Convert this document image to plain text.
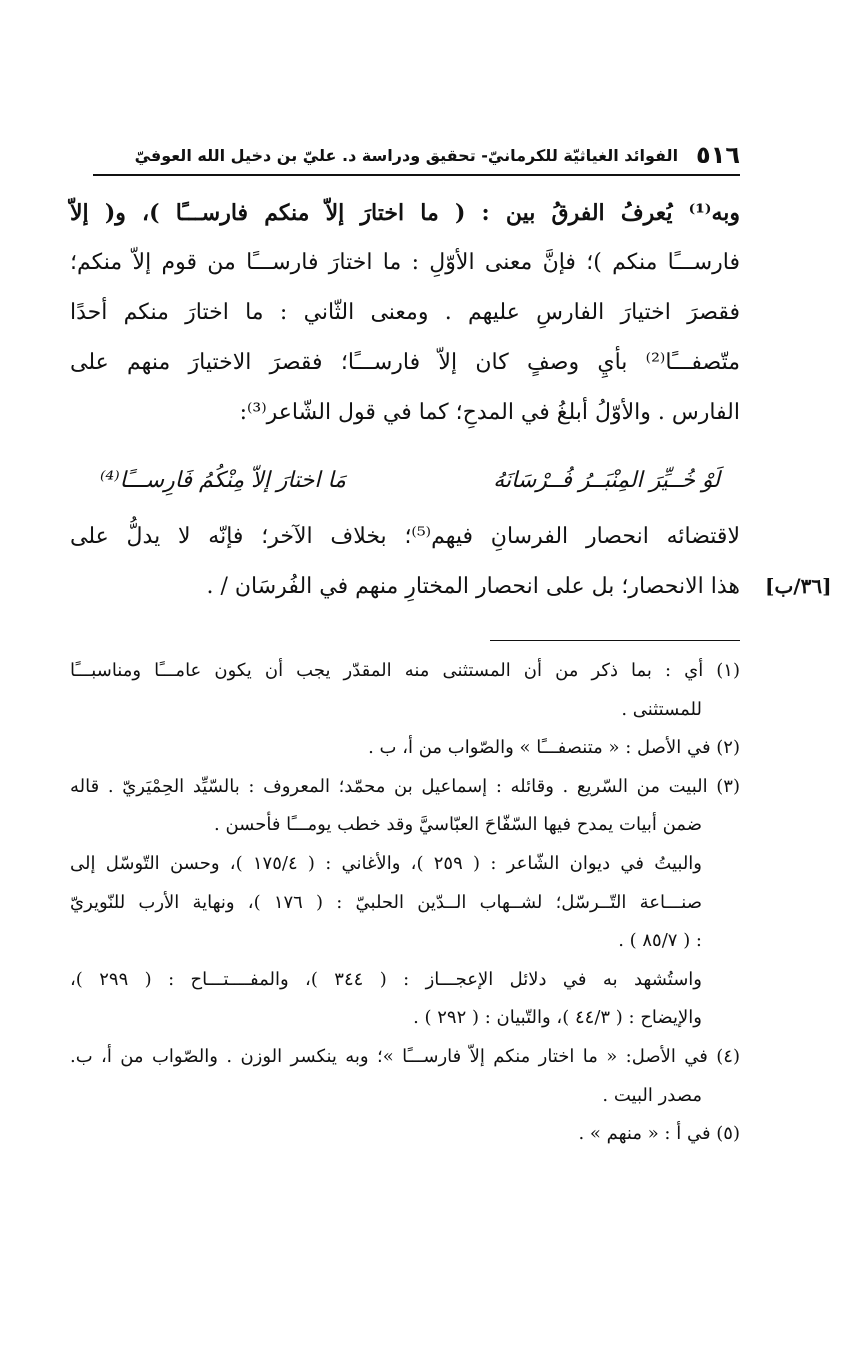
٥١٦
الفوائد الغياثيّة للكرمانيّ- تحقيق ودراسة د. عليّ بن دخيل الله العوفيّ
وبه⁽¹⁾ يُعرفُ الفرقُ بين : ( ما اختارَ إلاّ منكم فارســـًا )، و( إلاّ
فارســـًا منكم )؛ فإنَّ معنى الأوّلِ : ما اختارَ فارســـًا من قوم إلاّ منكم؛
فقصرَ اختيارَ الفارسِ عليهم . ومعنى الثّاني : ما اختارَ منكم أحدًا
متّصفـــًا⁽²⁾ بأيِ وصفٍ كان إلاّ فارســـًا؛ فقصرَ الاختيارَ منهم على
الفارس . والأوّلُ أبلغُ في المدحِ؛ كما في قول الشّاعر⁽³⁾:
لَوْ خُــيِّرَ المِنْبَــرُ فُــرْسَانَهُ
مَا اختارَ إلاّ مِنْكُمُ فَارِســـًا⁽⁴⁾
لاقتضائه انحصار الفرسانِ فيهم⁽⁵⁾؛ بخلاف الآخر؛ فإنّه لا يدلُّ على
هذا الانحصار؛ بل على انحصار المختارِ منهم في الفُرسَان / . [٣٦/ب]
(١) أي : بما ذكر من أن المستثنى منه المقدّر يجب أن يكون عامـــًا ومناسبـــًا
للمستثنى .
(٢) في الأصل : « متنصفـــًا » والصّواب من أ، ب .
(٣) البيت من السّريع . وقائله : إسماعيل بن محمّد؛ المعروف : بالسّيِّد الحِمْيَريّ . قاله
ضمن أبيات يمدح فيها السّفّاحَ العبّاسيَّ وقد خطب يومـــًا فأحسن .
والبيتُ في ديوان الشّاعر : ( ٢٥٩ )، والأغاني : ( ١٧٥/٤ )، وحسن التّوسّل إلى
صنـــاعة التّــرسّل؛ لشــهاب الــدّين الحلبيّ : ( ١٧٦ )، ونهاية الأرب للنّويريّ
: ( ٨٥/٧ ) .
واستُشهد به في دلائل الإعجـــاز : ( ٣٤٤ )، والمفــــتـــاح : ( ٢٩٩ )،
والإيضاح : ( ٤٤/٣ )، والتّبيان : ( ٢٩٢ ) .
(٤) في الأصل: « ما اختار منكم إلاّ فارســـًا »؛ وبه ينكسر الوزن . والصّواب من أ، ب.
مصدر البيت .
(٥) في أ : « منهم » .
